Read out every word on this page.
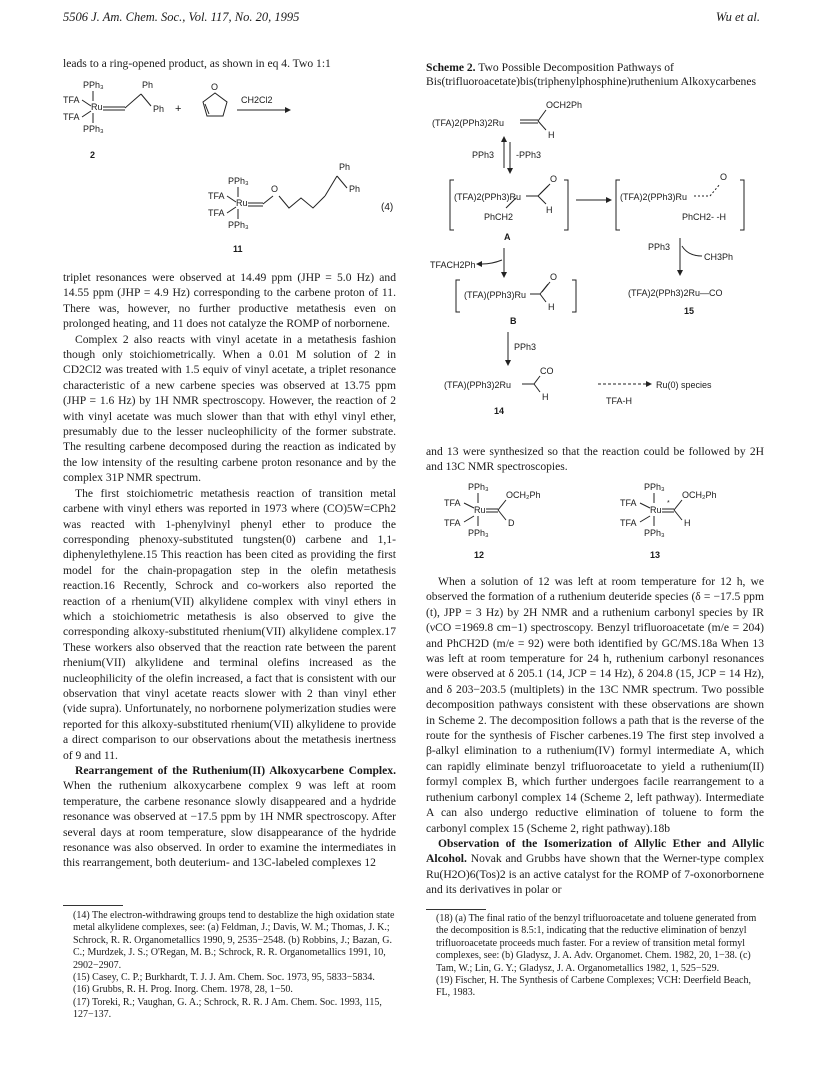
5506 J. Am. Chem. Soc., Vol. 117, No. 20, 1995	Wu et al.

leads to a ring-opened product, as shown in eq 4. Two 1:1

PPh₃
TFA
Ru
Ph
Ph
TFA
PPh₃
2
+
O
CH2Cl2
PPh₃
TFA
Ru
O
Ph
Ph
TFA
PPh₃
11
(4)

triplet resonances were observed at 14.49 ppm (JHP = 5.0 Hz) and 14.55 ppm (JHP = 4.9 Hz) corresponding to the carbene proton of 11. There was, however, no further productive metathesis even on prolonged heating, and 11 does not catalyze the ROMP of norbornene.

Complex 2 also reacts with vinyl acetate in a metathesis fashion though only stoichiometrically. When a 0.01 M solution of 2 in CD2Cl2 was treated with 1.5 equiv of vinyl acetate, a triplet resonance characteristic of a new carbene species was observed at 13.75 ppm (JHP = 1.6 Hz) by 1H NMR spectroscopy. However, the reaction of 2 with vinyl acetate was much slower than that with ethyl vinyl ether, presumably due to the lesser nucleophilicity of the former substrate. The resulting carbene decomposed during the reaction as indicated by the low intensity of the resulting carbene proton resonance and by the complex 31P NMR spectrum.

The first stoichiometric metathesis reaction of transition metal carbene with vinyl ethers was reported in 1973 where (CO)5W=CPh2 was reacted with 1-phenylvinyl phenyl ether to produce the corresponding phenoxy-substituted tungsten(0) carbene and 1,1-diphenylethylene.15 This reaction has been cited as providing the first model for the chain-propagation step in the olefin metathesis reaction.16 Recently, Schrock and co-workers also reported the reaction of a rhenium(VII) alkylidene complex with vinyl ethers in which a stoichiometric metathesis is also observed to give the corresponding alkoxy-substituted rhenium(VII) alkylidene complex.17 These workers also observed that the reaction rate between the parent rhenium(VII) alkylidene and terminal olefins increased as the nucleophilicity of the olefin increased, a fact that is consistent with our observation that vinyl acetate reacts slower with 2 than vinyl ether (vide supra). Unfortunately, no norbornene polymerization studies were reported for this alkoxy-substituted rhenium(VII) alkylidene to provide a direct comparison to our observations about the metathesis inertness of 9 and 11.

Rearrangement of the Ruthenium(II) Alkoxycarbene Complex. When the ruthenium alkoxycarbene complex 9 was left at room temperature, the carbene resonance slowly disappeared and a hydride resonance was observed at −17.5 ppm by 1H NMR spectroscopy. After several days at room temperature, slow disappearance of the hydride resonance was also observed. In order to examine the intermediates in this rearrangement, both deuterium- and 13C-labeled complexes 12

(14) The electron-withdrawing groups tend to destablize the high oxidation state metal alkylidene complexes, see: (a) Feldman, J.; Davis, W. M.; Thomas, J. K.; Schrock, R. R. Organometallics 1990, 9, 2535−2548. (b) Robbins, J.; Bazan, G. C.; Murdzek, J. S.; O'Regan, M. B.; Schrock, R. R. Organometallics 1991, 10, 2902−2907.

(15) Casey, C. P.; Burkhardt, T. J. J. Am. Chem. Soc. 1973, 95, 5833−5834.

(16) Grubbs, R. H. Prog. Inorg. Chem. 1978, 28, 1−50.

(17) Toreki, R.; Vaughan, G. A.; Schrock, R. R. J Am. Chem. Soc. 1993, 115, 127−137.

Scheme 2. Two Possible Decomposition Pathways of Bis(trifluoroacetate)bis(triphenylphosphine)ruthenium Alkoxycarbenes
(TFA)2(PPh3)2Ru
OCH2Ph
H
PPh3 -PPh3
(TFA)2(PPh3)Ru
O
H
PhCH2
A
(TFA)2(PPh3)Ru
O
PhCH2- -H
PPh3
CH3Ph
(TFA)2(PPh3)2Ru—CO
15
TFACH2Ph
(TFA)(PPh3)Ru
O
H
B
PPh3
(TFA)(PPh3)2Ru
CO
H
14
Ru(0) species
TFA-H

and 13 were synthesized so that the reaction could be followed by 2H and 13C NMR spectroscopies.

PPh₃
TFA
Ru
OCH₂Ph
D
TFA
PPh₃
12
PPh₃
TFA
Ru
*
OCH₂Ph
H
TFA
PPh₃
13

When a solution of 12 was left at room temperature for 12 h, we observed the formation of a ruthenium deuteride species (δ = −17.5 ppm (t), JPP = 3 Hz) by 2H NMR and a ruthenium carbonyl species by IR (νCO =1969.8 cm−1) spectroscopy. Benzyl trifluoroacetate (m/e = 204) and PhCH2D (m/e = 92) were both identified by GC/MS.18a When 13 was left at room temperature for 24 h, ruthenium carbonyl resonances were observed at δ 205.1 (14, JCP = 14 Hz), δ 204.8 (15, JCP = 14 Hz), and δ 203−203.5 (multiplets) in the 13C NMR spectrum. Two possible decomposition pathways consistent with these observations are shown in Scheme 2. The decomposition follows a path that is the reverse of the route for the synthesis of Fischer carbenes.19 The first step involved a β-alkyl elimination to a ruthenium(IV) formyl intermediate A, which can rapidly eliminate benzyl trifluoroacetate to yield a ruthenium(II) formyl complex B, which further undergoes facile rearrangement to a ruthenium carbonyl complex 14 (Scheme 2, left pathway). Intermediate A can also undergo reductive elimination of toluene to form the carbonyl complex 15 (Scheme 2, right pathway).18b

Observation of the Isomerization of Allylic Ether and Allylic Alcohol. Novak and Grubbs have shown that the Werner-type complex Ru(H2O)6(Tos)2 is an active catalyst for the ROMP of 7-oxonorbornene and its derivatives in polar or

(18) (a) The final ratio of the benzyl trifluoroacetate and toluene generated from the decomposition is 8.5:1, indicating that the reductive elimination of benzyl trifluoroacetate proceeds much faster. For a review of transition metal formyl complexes, see: (b) Gladysz, J. A. Adv. Organomet. Chem. 1982, 20, 1−38. (c) Tam, W.; Lin, G. Y.; Gladysz, J. A. Organometallics 1982, 1, 525−529.

(19) Fischer, H. The Synthesis of Carbene Complexes; VCH: Deerfield Beach, FL, 1983.
